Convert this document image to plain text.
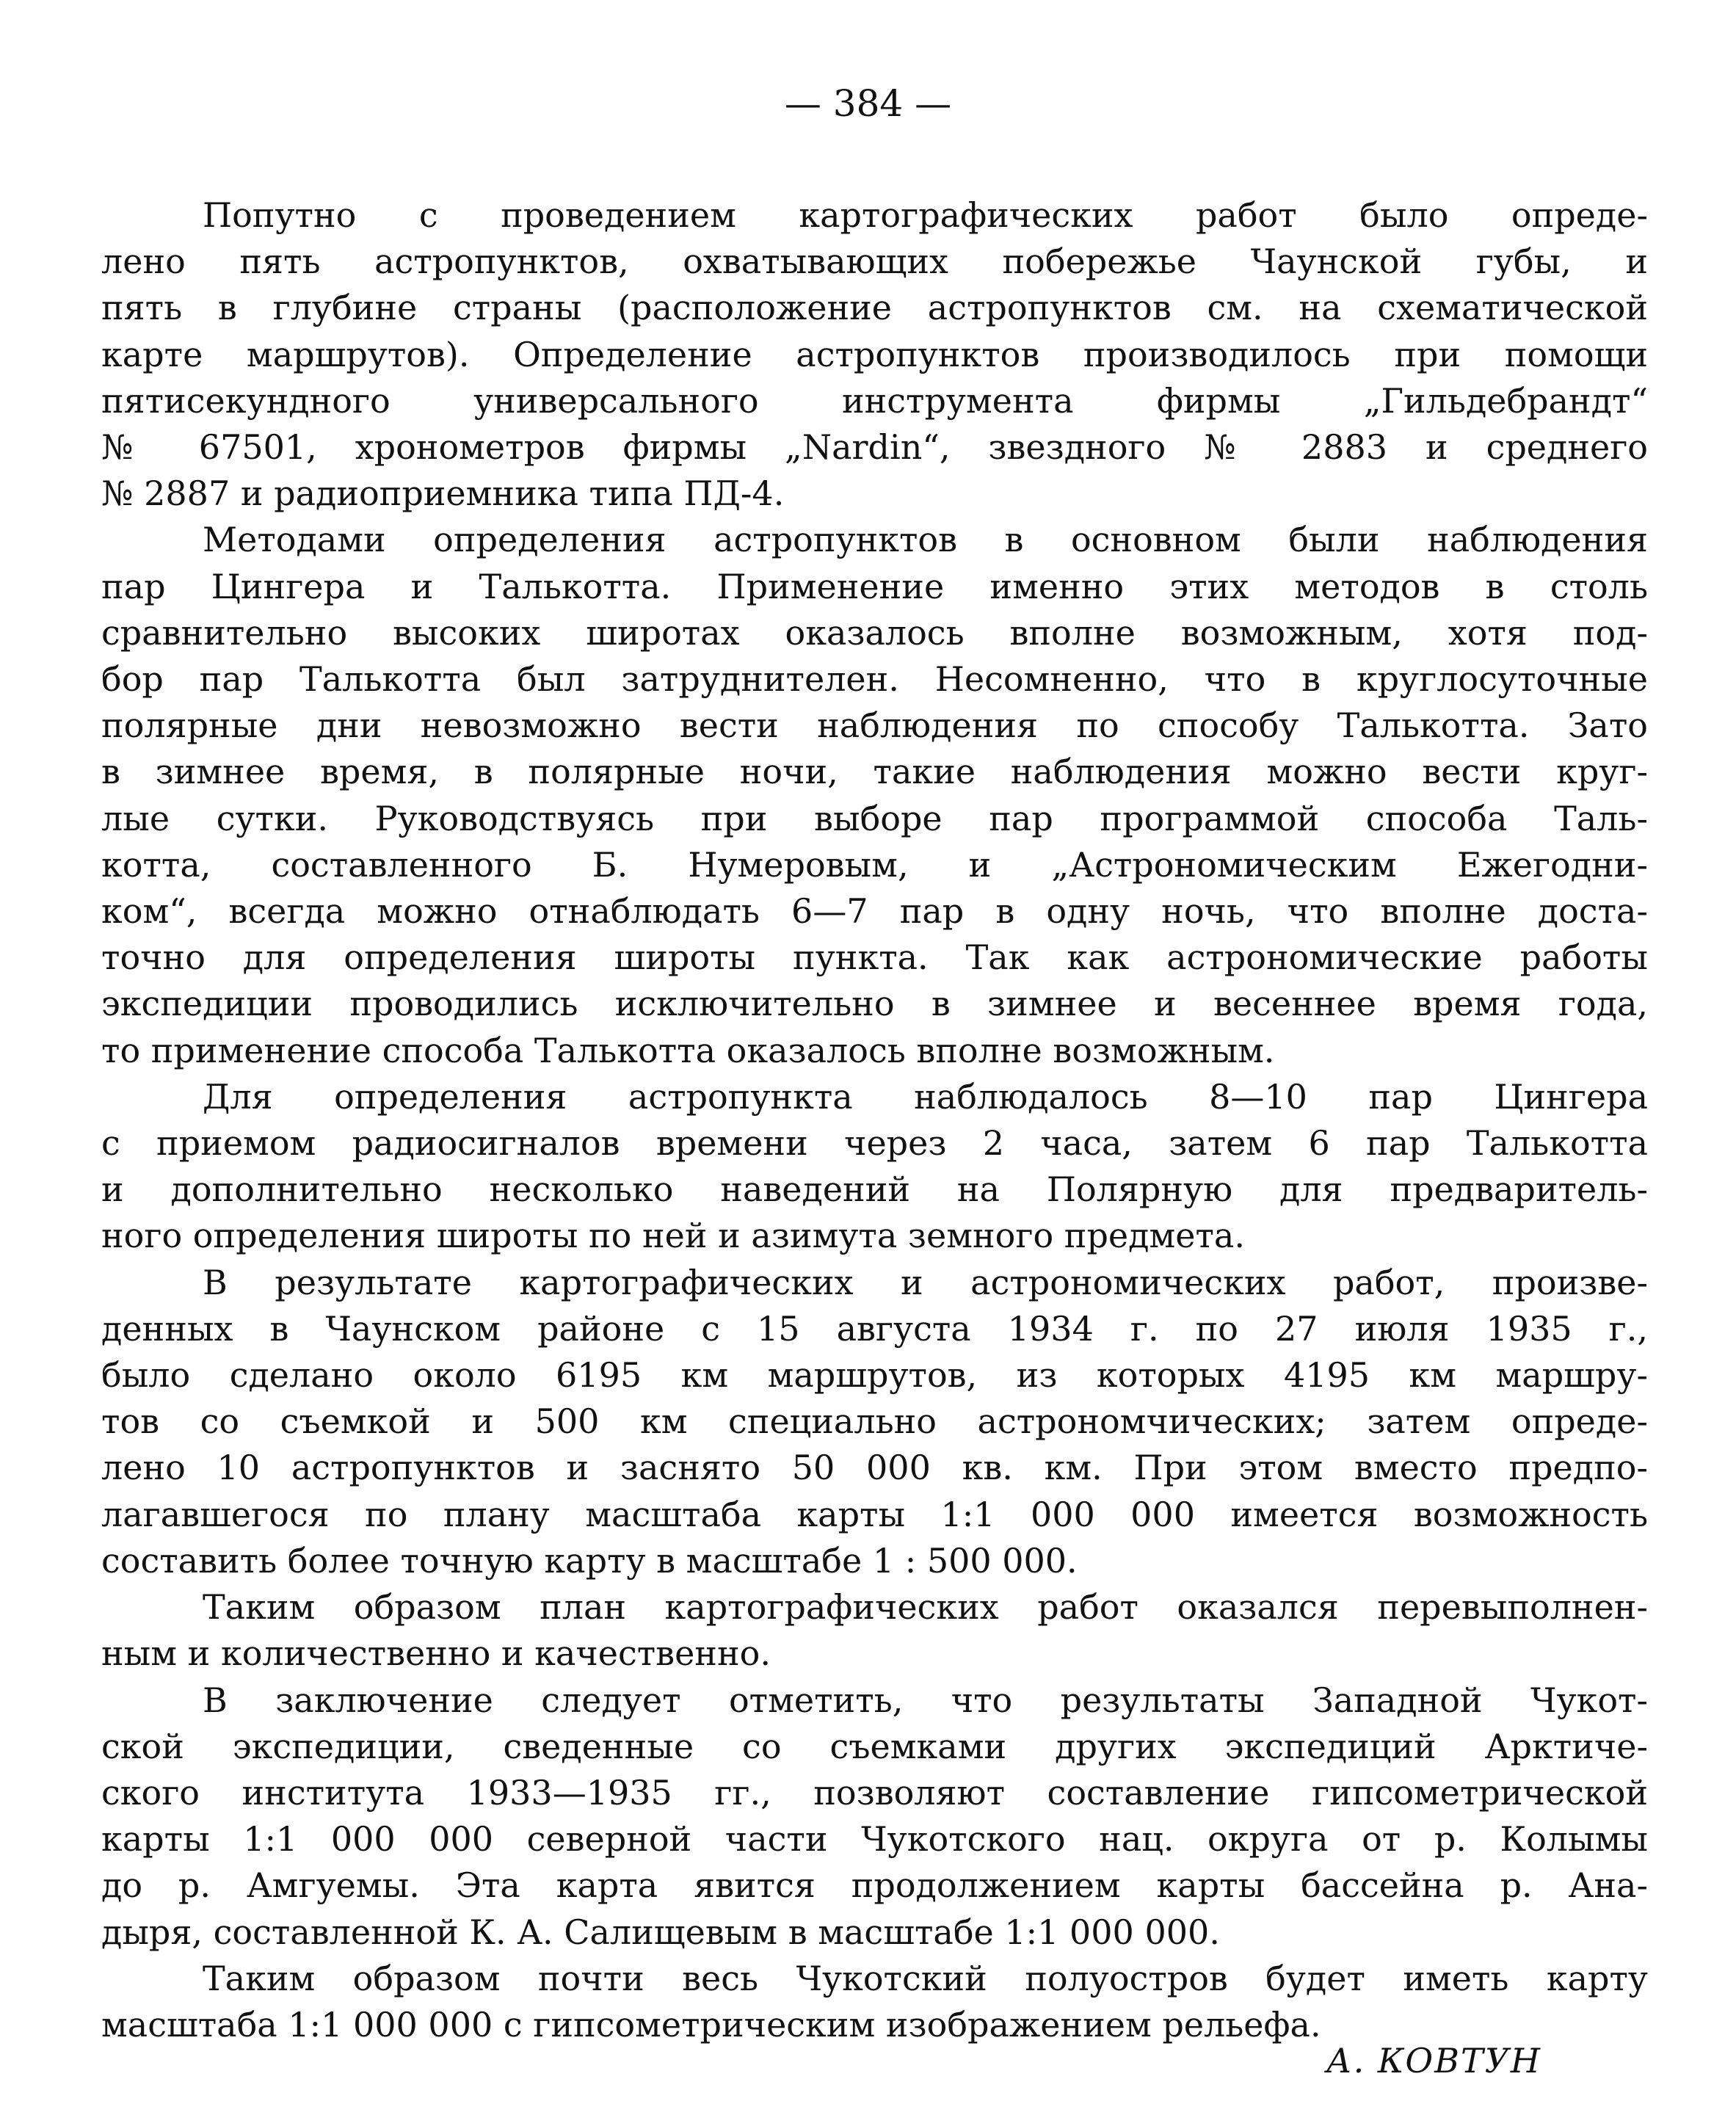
— 384 —
Попутно с проведением картографических работ было опреде-
лено пять астропунктов, охватывающих побережье Чаунской губы, и
пять в глубине страны (расположение астропунктов см. на схематической
карте маршрутов). Определение астропунктов производилось при помощи
пятисекундного универсального инструмента фирмы „Гильдебрандт“
№ 67501, хронометров фирмы „Nardin“, звездного № 2883 и среднего
№ 2887 и радиоприемника типа ПД-4.
Методами определения астропунктов в основном были наблюдения
пар Цингера и Талькотта. Применение именно этих методов в столь
сравнительно высоких широтах оказалось вполне возможным, хотя под-
бор пар Талькотта был затруднителен. Несомненно, что в круглосуточные
полярные дни невозможно вести наблюдения по способу Талькотта. Зато
в зимнее время, в полярные ночи, такие наблюдения можно вести круг-
лые сутки. Руководствуясь при выборе пар программой способа Таль-
котта, составленного Б. Нумеровым, и „Астрономическим Ежегодни-
ком“, всегда можно отнаблюдать 6—7 пар в одну ночь, что вполне доста-
точно для определения широты пункта. Так как астрономические работы
экспедиции проводились исключительно в зимнее и весеннее время года,
то применение способа Талькотта оказалось вполне возможным.
Для определения астропункта наблюдалось 8—10 пар Цингера
с приемом радиосигналов времени через 2 часа, затем 6 пар Талькотта
и дополнительно несколько наведений на Полярную для предваритель-
ного определения широты по ней и азимута земного предмета.
В результате картографических и астрономических работ, произве-
денных в Чаунском районе с 15 августа 1934 г. по 27 июля 1935 г.,
было сделано около 6195 км маршрутов, из которых 4195 км маршру-
тов со съемкой и 500 км специально астрономчических; затем опреде-
лено 10 астропунктов и заснято 50 000 кв. км. При этом вместо предпо-
лагавшегося по плану масштаба карты 1:1 000 000 имеется возможность
составить более точную карту в масштабе 1 : 500 000.
Таким образом план картографических работ оказался перевыполнен-
ным и количественно и качественно.
В заключение следует отметить, что результаты Западной Чукот-
ской экспедиции, сведенные со съемками других экспедиций Арктиче-
ского института 1933—1935 гг., позволяют составление гипсометрической
карты 1:1 000 000 северной части Чукотского нац. округа от р. Колымы
до р. Амгуемы. Эта карта явится продолжением карты бассейна р. Ана-
дыря, составленной К. А. Салищевым в масштабе 1:1 000 000.
Таким образом почти весь Чукотский полуостров будет иметь карту
масштаба 1:1 000 000 с гипсометрическим изображением рельефа.
А. КОВТУН
